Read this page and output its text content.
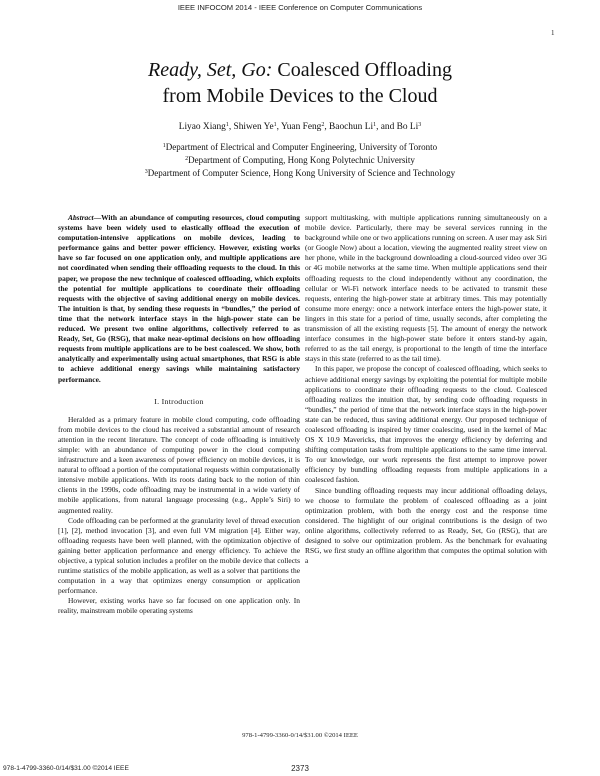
IEEE INFOCOM 2014 - IEEE Conference on Computer Communications
1
Ready, Set, Go: Coalesced Offloading
from Mobile Devices to the Cloud
Liyao Xiang$^1$, Shiwen Ye$^1$, Yuan Feng$^2$, Baochun Li$^1$, and Bo Li$^3$
$^1$Department of Electrical and Computer Engineering, University of Toronto
$^2$Department of Computing, Hong Kong Polytechnic University
$^3$Department of Computer Science, Hong Kong University of Science and Technology

Abstract—With an abundance of computing resources, cloud computing systems have been widely used to elastically offload the execution of computation-intensive applications on mobile devices, leading to performance gains and better power efficiency. However, existing works have so far focused on one application only, and multiple applications are not coordinated when sending their offloading requests to the cloud. In this paper, we propose the new technique of coalesced offloading, which exploits the potential for multiple applications to coordinate their offloading requests with the objective of saving additional energy on mobile devices. The intuition is that, by sending these requests in “bundles,” the period of time that the network interface stays in the high-power state can be reduced. We present two online algorithms, collectively referred to as Ready, Set, Go (RSG), that make near-optimal decisions on how offloading requests from multiple applications are to be best coalesced. We show, both analytically and experimentally using actual smartphones, that RSG is able to achieve additional energy savings while maintaining satisfactory performance.

I. Introduction

Heralded as a primary feature in mobile cloud computing, code offloading from mobile devices to the cloud has received a substantial amount of research attention in the recent literature. The concept of code offloading is intuitively simple: with an abundance of computing power in the cloud computing infrastructure and a keen awareness of power efficiency on mobile devices, it is natural to offload a portion of the computational requests within computationally intensive mobile applications. With its roots dating back to the notion of thin clients in the 1990s, code offloading may be instrumental in a wide variety of mobile applications, from natural language processing (e.g., Apple’s Siri) to augmented reality.

Code offloading can be performed at the granularity level of thread execution [1], [2], method invocation [3], and even full VM migration [4]. Either way, offloading requests have been well planned, with the optimization objective of gaining better application performance and energy efficiency. To achieve the objective, a typical solution includes a profiler on the mobile device that collects runtime statistics of the mobile application, as well as a solver that partitions the computation in a way that optimizes energy consumption or application performance.

However, existing works have so far focused on one application only. In reality, mainstream mobile operating systems

support multitasking, with multiple applications running simultaneously on a mobile device. Particularly, there may be several services running in the background while one or two applications running on screen. A user may ask Siri (or Google Now) about a location, viewing the augmented reality street view on her phone, while in the background downloading a cloud-sourced video over 3G or 4G mobile networks at the same time. When multiple applications send their offloading requests to the cloud independently without any coordination, the cellular or Wi-Fi network interface needs to be activated to transmit these requests, entering the high-power state at arbitrary times. This may potentially consume more energy: once a network interface enters the high-power state, it lingers in this state for a period of time, usually seconds, after completing the transmission of all the existing requests [5]. The amount of energy the network interface consumes in the high-power state before it enters stand-by again, referred to as the tail energy, is proportional to the length of time the interface stays in this state (referred to as the tail time).

In this paper, we propose the concept of coalesced offloading, which seeks to achieve additional energy savings by exploiting the potential for multiple mobile applications to coordinate their offloading requests to the cloud. Coalesced offloading realizes the intuition that, by sending code offloading requests in “bundles,” the period of time that the network interface stays in the high-power state can be reduced, thus saving additional energy. Our proposed technique of coalesced offloading is inspired by timer coalescing, used in the kernel of Mac OS X 10.9 Mavericks, that improves the energy efficiency by deferring and shifting computation tasks from multiple applications to the same time interval. To our knowledge, our work represents the first attempt to improve power efficiency by bundling offloading requests from multiple applications in a coalesced fashion.

Since bundling offloading requests may incur additional offloading delays, we choose to formulate the problem of coalesced offloading as a joint optimization problem, with both the energy cost and the response time considered. The highlight of our original contributions is the design of two online algorithms, collectively referred to as Ready, Set, Go (RSG), that are designed to solve our optimization problem. As the benchmark for evaluating RSG, we first study an offline algorithm that computes the optimal solution with a

978-1-4799-3360-0/14/$31.00 ©2014 IEEE
978-1-4799-3360-0/14/$31.00 ©2014 IEEE	2373
